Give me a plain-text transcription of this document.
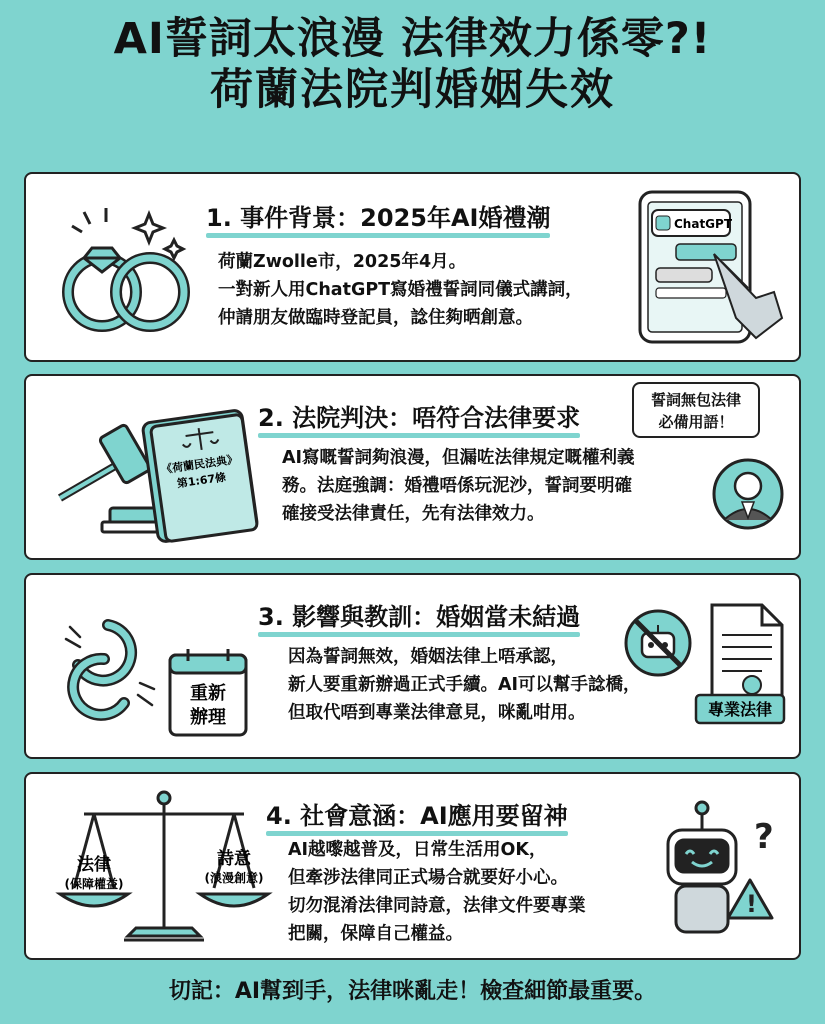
AI誓詞太浪漫 法律效力係零?!
荷蘭法院判婚姻失效
1. 事件背景：2025年AI婚禮潮
荷蘭Zwolle市，2025年4月。
一對新人用ChatGPT寫婚禮誓詞同儀式講詞，
仲請朋友做臨時登記員，諗住夠晒創意。
ChatGPT
2. 法院判決：唔符合法律要求
AI寫嘅誓詞夠浪漫，但漏咗法律規定嘅權利義
務。法庭強調：婚禮唔係玩泥沙，誓詞要明確
確接受法律責任，先有法律效力。
《荷蘭民法典》
第1:67條
誓詞無包法律
必備用語！
3. 影響與教訓：婚姻當未結過
因為誓詞無效，婚姻法律上唔承認，
新人要重新辦過正式手續。AI可以幫手諗橋，
但取代唔到專業法律意見，咪亂咁用。
重新
辦理	專業法律
4. 社會意涵：AI應用要留神
AI越嚟越普及，日常生活用OK，
但牽涉法律同正式場合就要好小心。
切勿混淆法律同詩意，法律文件要專業
把關，保障自己權益。
法律
(保障權益)
詩意
(浪漫創意)
!
?
切記：AI幫到手，法律咪亂走！檢查細節最重要。
